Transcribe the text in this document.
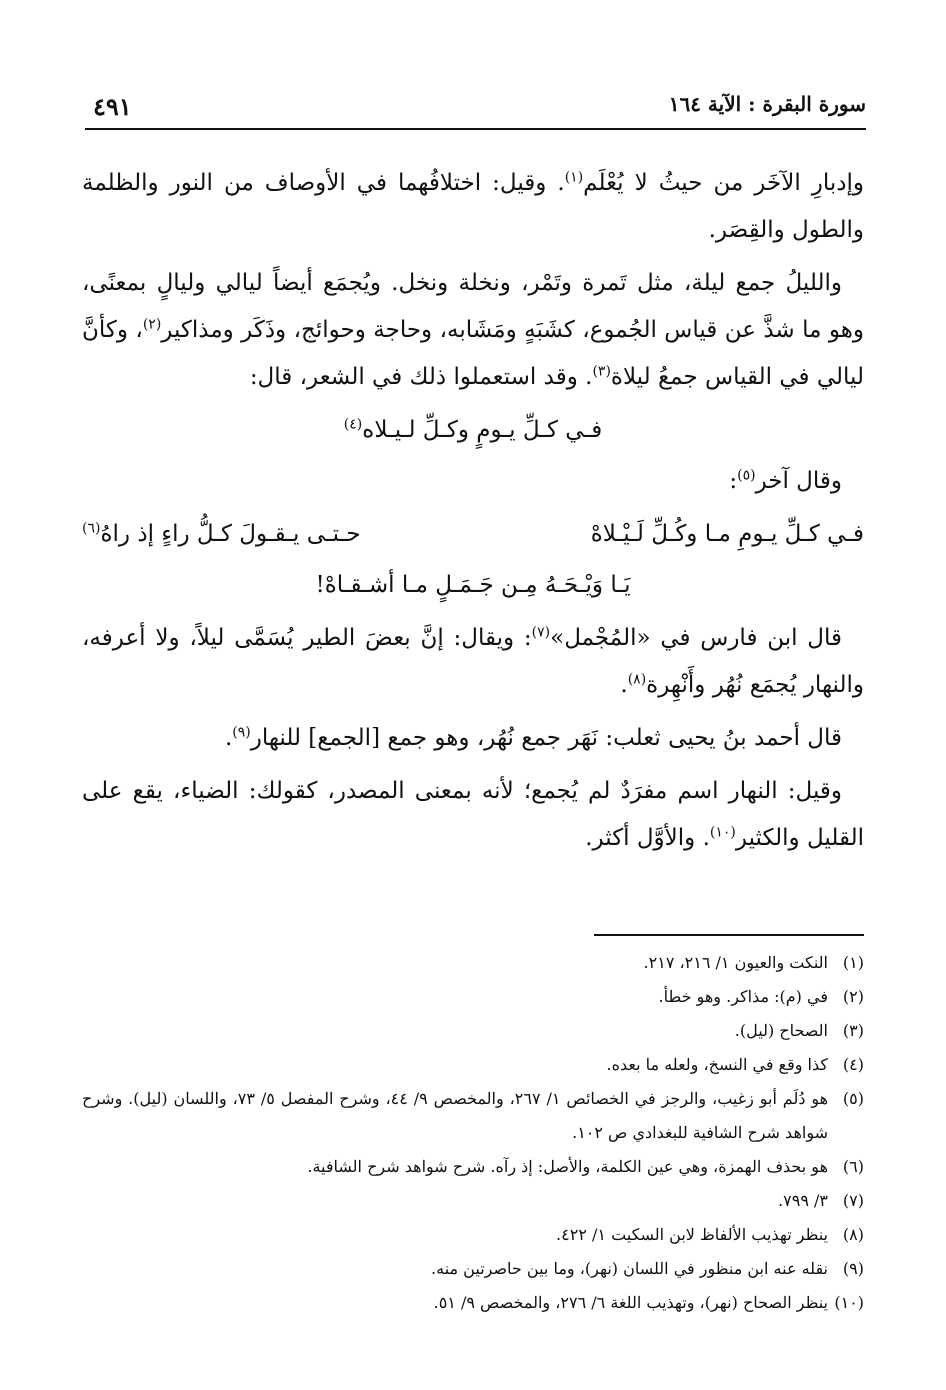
سورة البقرة : الآية ١٦٤
٤٩١

وإدبارِ الآخَر من حيثُ لا يُعْلَم$^{(١)}$. وقيل: اختلافُهما في الأوصاف من النور والظلمة والطول والقِصَر.

والليلُ جمع ليلة، مثل تَمرة وتَمْر، ونخلة ونخل. ويُجمَع أيضاً ليالي وليالٍ بمعنًى، وهو ما شذَّ عن قياس الجُموع، كشَبَهٍ ومَشَابه، وحاجة وحوائج، وذَكَر ومذاكير$^{(٢)}$، وكأنَّ ليالي في القياس جمعُ ليلاة$^{(٣)}$. وقد استعملوا ذلك في الشعر، قال:

فـي كـلِّ يـومٍ وكـلِّ لـيـلاه$^{(٤)}$

وقال آخر$^{(٥)}$:

فـي كـلِّ يـومِ مـا وكُـلِّ لَـيْـلاهْ
حـتـى يـقـولَ كـلُّ راءٍ إذ راهُ$^{(٦)}$
يَـا وَيْـحَـهُ مِـن جَـمَـلٍ مـا أشـقـاهْ!

قال ابن فارس في «المُجْمل»$^{(٧)}$: ويقال: إنَّ بعضَ الطير يُسَمَّى ليلاً، ولا أعرفه، والنهار يُجمَع نُهُر وأَنْهِرة$^{(٨)}$.

قال أحمد بنُ يحيى ثعلب: نَهَر جمع نُهُر، وهو جمع [الجمع] للنهار$^{(٩)}$.

وقيل: النهار اسم مفرَدٌ لم يُجمع؛ لأنه بمعنى المصدر، كقولك: الضياء، يقع على القليل والكثير$^{(١٠)}$. والأوَّل أكثر.

(١)
النكت والعيون ١/ ٢١٦، ٢١٧.
(٢)
في (م): مذاكر. وهو خطأ.
(٣)
الصحاح (ليل).
(٤)
كذا وقع في النسخ، ولعله ما بعده.
(٥)
هو دُلَم أبو زغيب، والرجز في الخصائص ١/ ٢٦٧، والمخصص ٩/ ٤٤، وشرح المفصل ٥/ ٧٣، واللسان (ليل). وشرح شواهد شرح الشافية للبغدادي ص ١٠٢.
(٦)
هو بحذف الهمزة، وهي عين الكلمة، والأصل: إذ رآه. شرح شواهد شرح الشافية.
(٧)
٣/ ٧٩٩.
(٨)
ينظر تهذيب الألفاظ لابن السكيت ١/ ٤٢٢.
(٩)
نقله عنه ابن منظور في اللسان (نهر)، وما بين حاصرتين منه.
(١٠)
ينظر الصحاح (نهر)، وتهذيب اللغة ٦/ ٢٧٦، والمخصص ٩/ ٥١.
